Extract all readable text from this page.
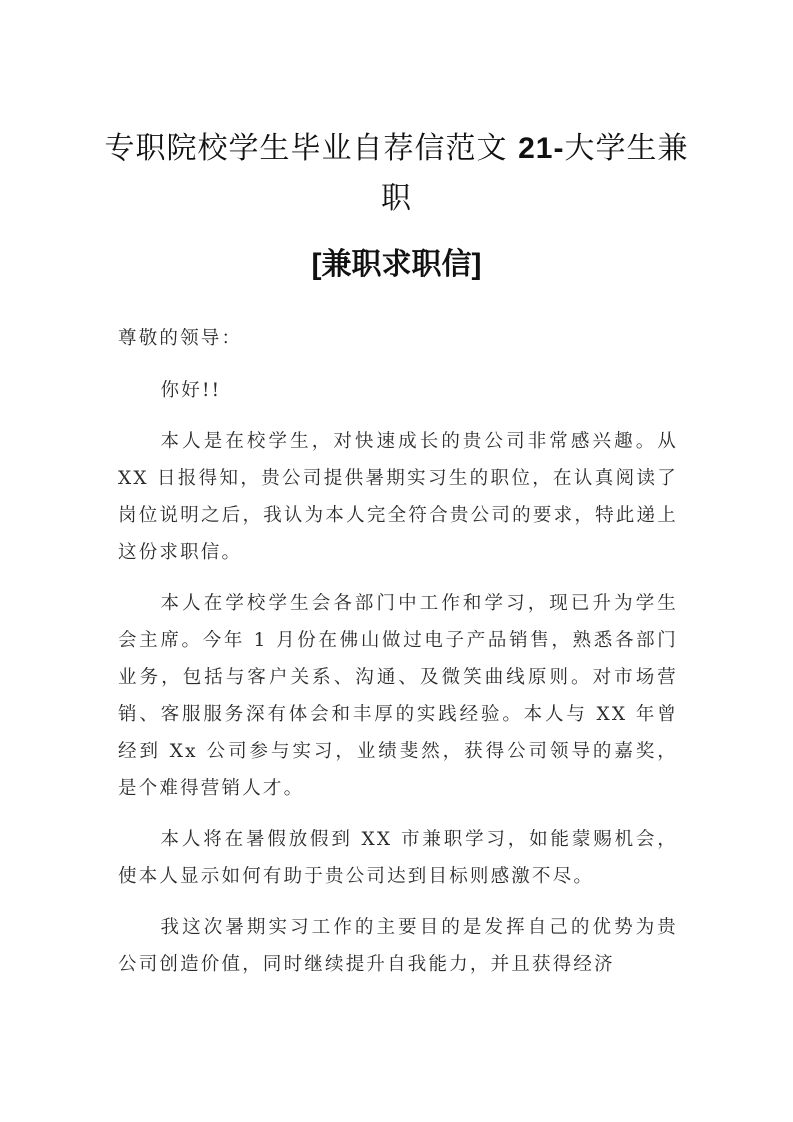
专职院校学生毕业自荐信范文 21-大学生兼职
[兼职求职信]

尊敬的领导：

你好!!

本人是在校学生，对快速成长的贵公司非常感兴趣。从 XX 日报得知，贵公司提供暑期实习生的职位，在认真阅读了岗位说明之后，我认为本人完全符合贵公司的要求，特此递上这份求职信。

本人在学校学生会各部门中工作和学习，现已升为学生会主席。今年 1 月份在佛山做过电子产品销售，熟悉各部门业务，包括与客户关系、沟通、及微笑曲线原则。对市场营销、客服服务深有体会和丰厚的实践经验。本人与 XX 年曾经到 Xx 公司参与实习，业绩斐然，获得公司领导的嘉奖，是个难得营销人才。

本人将在暑假放假到 XX 市兼职学习，如能蒙赐机会，使本人显示如何有助于贵公司达到目标则感激不尽。

我这次暑期实习工作的主要目的是发挥自己的优势为贵公司创造价值，同时继续提升自我能力，并且获得经济
